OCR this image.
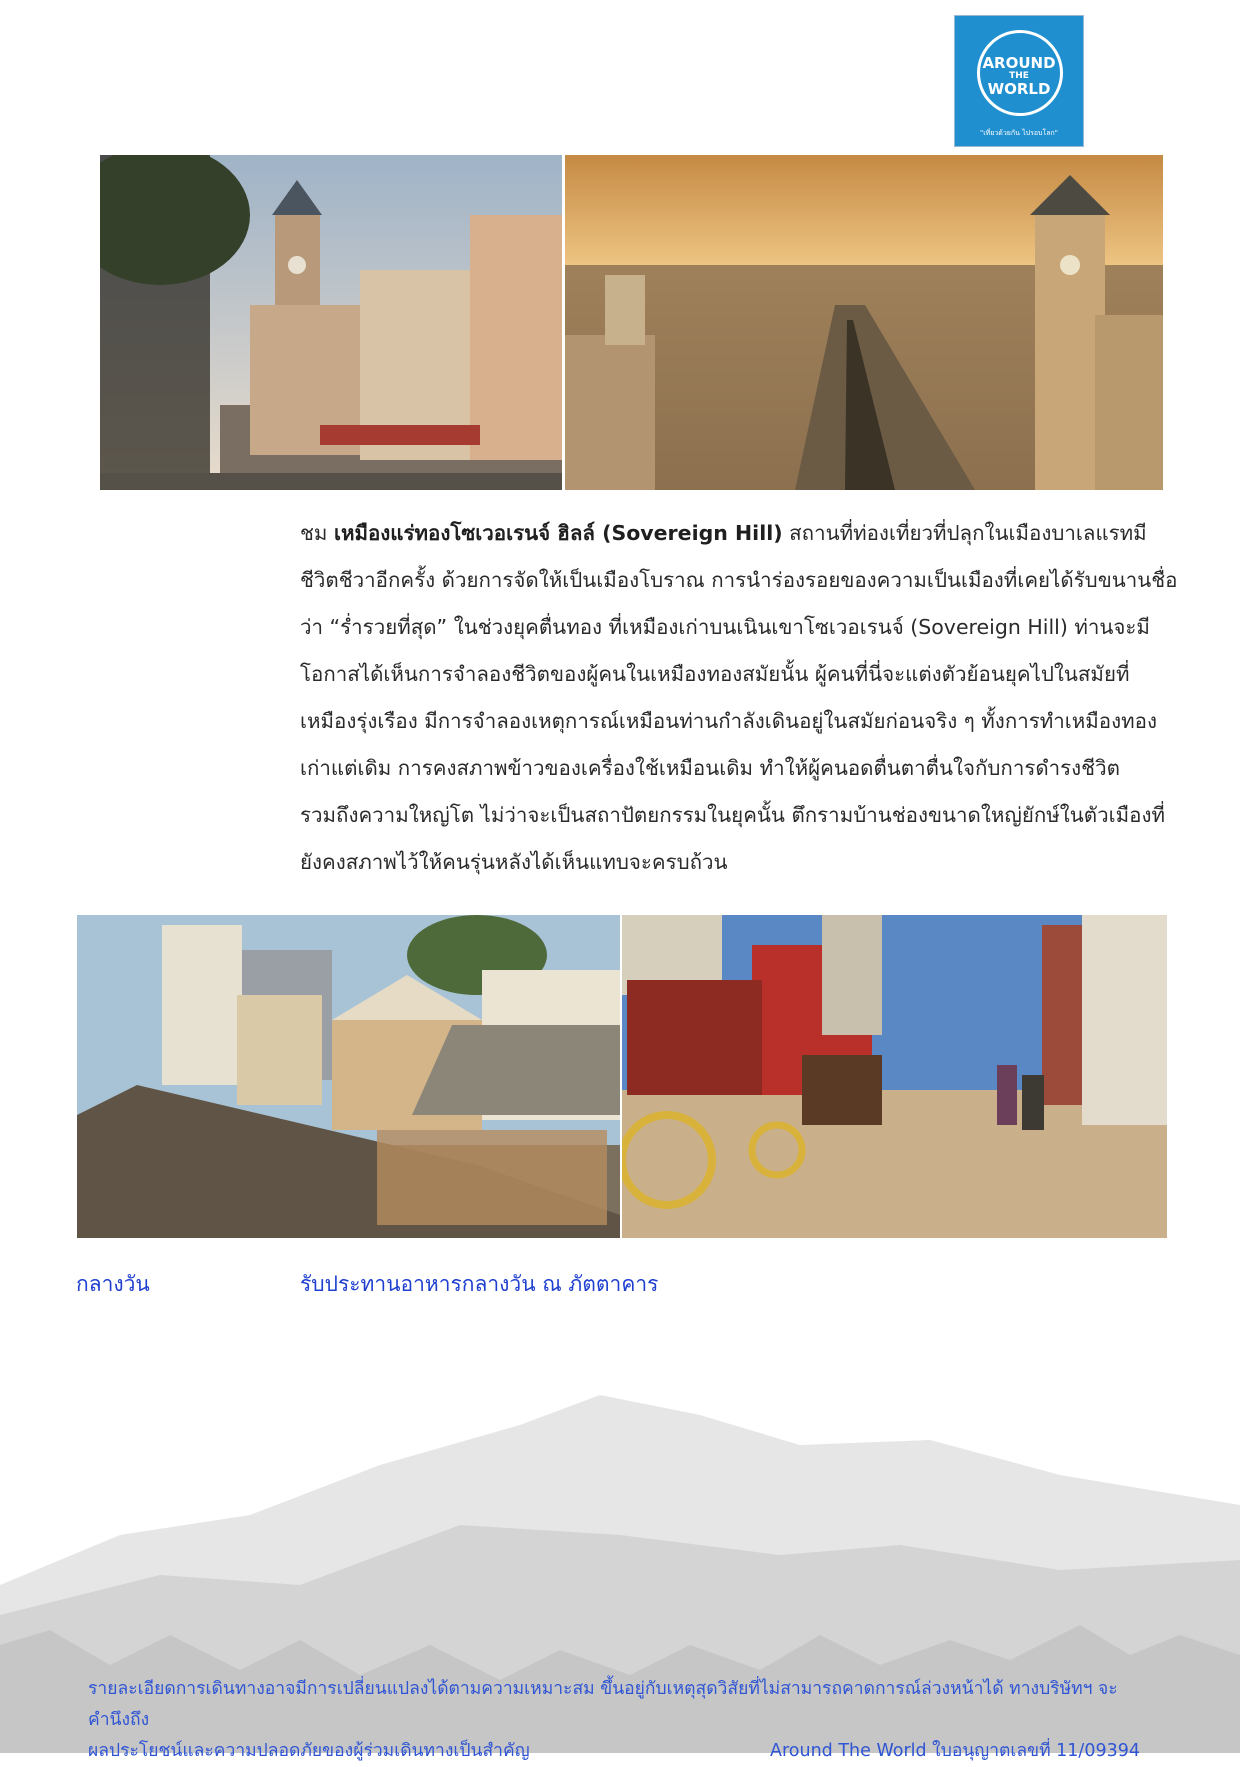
AROUND
THE
WORLD
"เที่ยวด้วยกัน ไปรอบโลก"
ชม เหมืองแร่ทองโซเวอเรนจ์ ฮิลล์ (Sovereign Hill) สถานที่ท่องเที่ยวที่ปลุกในเมืองบาเลแรทมี
ชีวิตชีวาอีกครั้ง ด้วยการจัดให้เป็นเมืองโบราณ การนำร่องรอยของความเป็นเมืองที่เคยได้รับขนานชื่อ
ว่า “ร่ำรวยที่สุด” ในช่วงยุคตื่นทอง ที่เหมืองเก่าบนเนินเขาโซเวอเรนจ์ (Sovereign Hill) ท่านจะมี
โอกาสได้เห็นการจำลองชีวิตของผู้คนในเหมืองทองสมัยนั้น ผู้คนที่นี่จะแต่งตัวย้อนยุคไปในสมัยที่
เหมืองรุ่งเรือง มีการจำลองเหตุการณ์เหมือนท่านกำลังเดินอยู่ในสมัยก่อนจริง ๆ ทั้งการทำเหมืองทอง
เก่าแต่เดิม การคงสภาพข้าวของเครื่องใช้เหมือนเดิม ทำให้ผู้คนอดตื่นตาตื่นใจกับการดำรงชีวิต
รวมถึงความใหญ่โต ไม่ว่าจะเป็นสถาปัตยกรรมในยุคนั้น ตึกรามบ้านช่องขนาดใหญ่ยักษ์ในตัวเมืองที่
ยังคงสภาพไว้ให้คนรุ่นหลังได้เห็นแทบจะครบถ้วน
กลางวัน	รับประทานอาหารกลางวัน ณ ภัตตาคาร
รายละเอียดการเดินทางอาจมีการเปลี่ยนแปลงได้ตามความเหมาะสม ขึ้นอยู่กับเหตุสุดวิสัยที่ไม่สามารถคาดการณ์ล่วงหน้าได้ ทางบริษัทฯ จะคำนึงถึง
ผลประโยชน์และความปลอดภัยของผู้ร่วมเดินทางเป็นสำคัญ	Around The World ใบอนุญาตเลขที่ 11/09394
